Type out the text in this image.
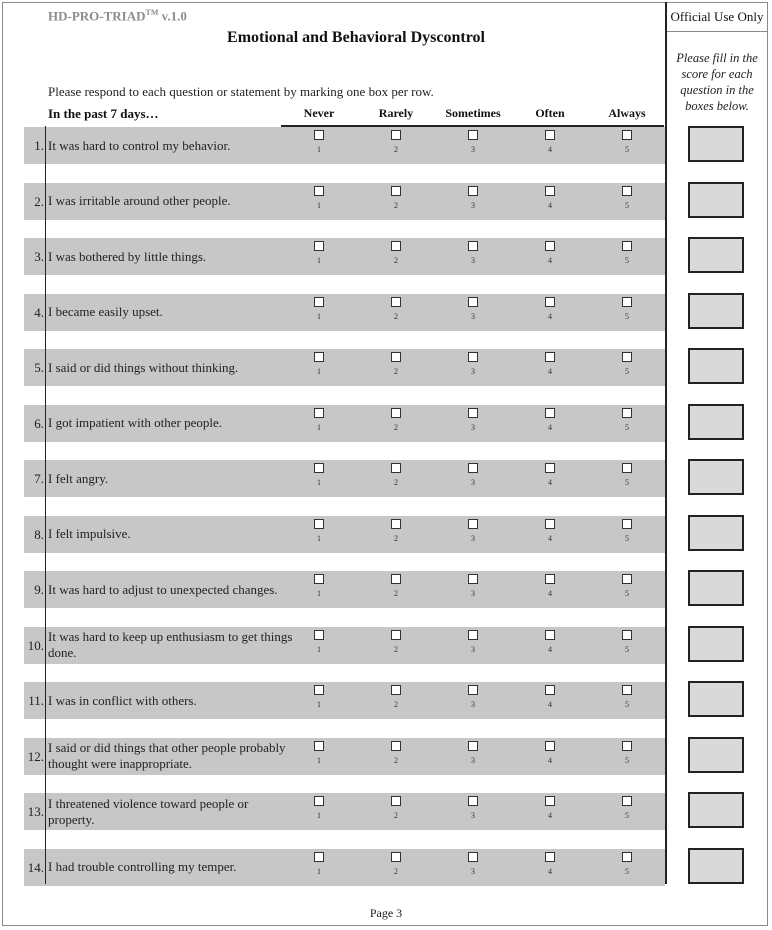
HD-PRO-TRIAD™ v.1.0
Emotional and Behavioral Dyscontrol
Please respond to each question or statement by marking one box per row.
In the past 7 days…	Never	Rarely	Sometimes	Often	Always
Official Use Only
Please fill in the score for each question in the boxes below.
1. It was hard to control my behavior.	1	2	3	4	5
2. I was irritable around other people.	1	2	3	4	5
3. I was bothered by little things.	1	2	3	4	5
4. I became easily upset.	1	2	3	4	5
5. I said or did things without thinking.	1	2	3	4	5
6. I got impatient with other people.	1	2	3	4	5
7. I felt angry.	1	2	3	4	5
8. I felt impulsive.	1	2	3	4	5
9. It was hard to adjust to unexpected changes.	1	2	3	4	5
10.
It was hard to keep up enthusiasm to get things done.	1	2	3	4	5
11. I was in conflict with others.	1	2	3	4	5
12.
I said or did things that other people probably thought were inappropriate.	1	2	3	4	5
13.
I threatened violence toward people or property.	1	2	3	4	5
14. I had trouble controlling my temper.	1	2	3	4	5
Page 3
